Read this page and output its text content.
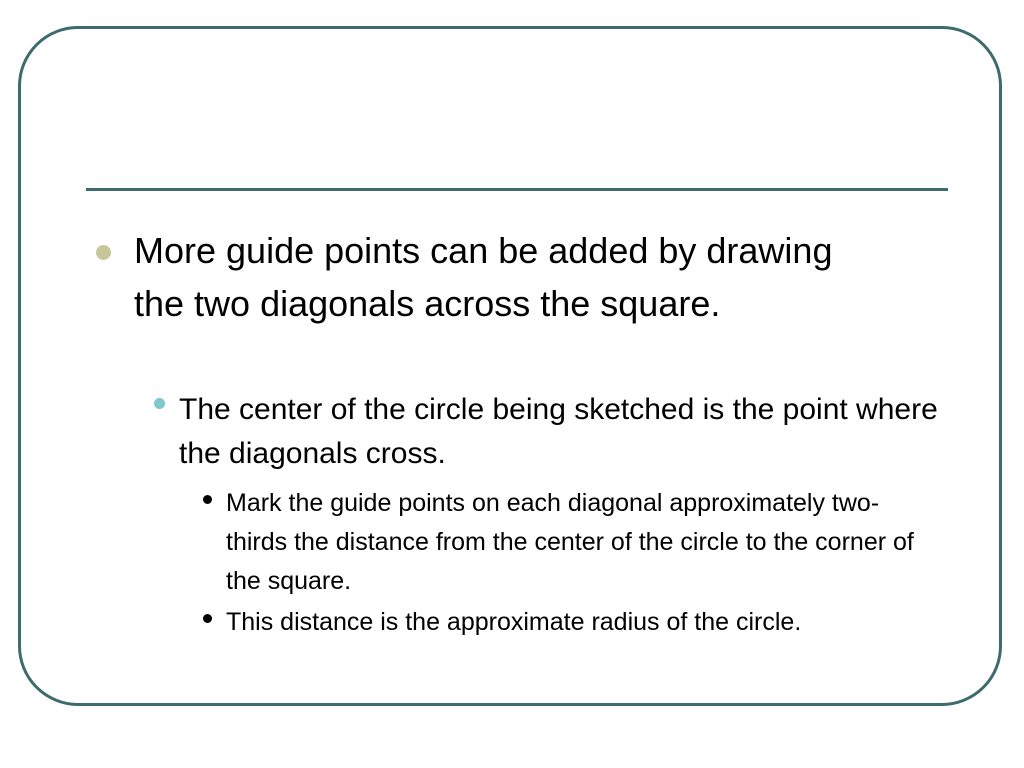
More guide points can be added by drawing the two diagonals across the square.
The center of the circle being sketched is the point where the diagonals cross.
Mark the guide points on each diagonal approximately two-thirds the distance from the center of the circle to the corner of the square.
This distance is the approximate radius of the circle.
